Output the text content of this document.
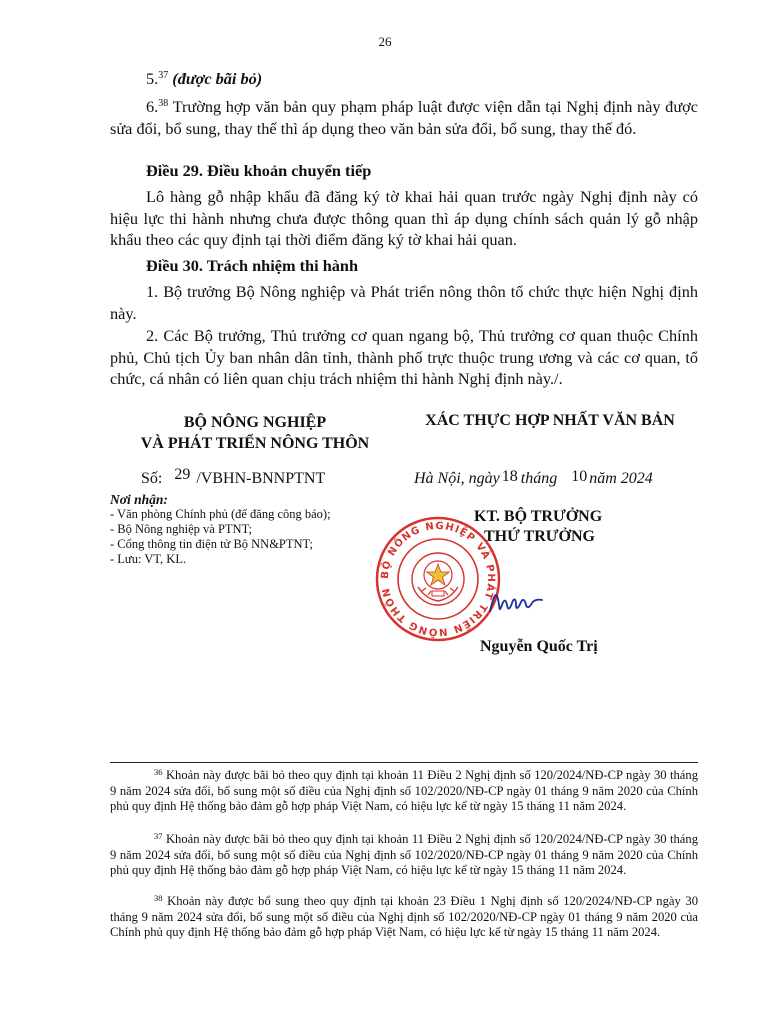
26
5.37 (được bãi bỏ)
6.38 Trường hợp văn bản quy phạm pháp luật được viện dẫn tại Nghị định này được sửa đổi, bổ sung, thay thế thì áp dụng theo văn bản sửa đổi, bổ sung, thay thế đó.
Điều 29. Điều khoản chuyển tiếp
Lô hàng gỗ nhập khẩu đã đăng ký tờ khai hải quan trước ngày Nghị định này có hiệu lực thi hành nhưng chưa được thông quan thì áp dụng chính sách quản lý gỗ nhập khẩu theo các quy định tại thời điểm đăng ký tờ khai hải quan.
Điều 30. Trách nhiệm thi hành
1. Bộ trưởng Bộ Nông nghiệp và Phát triển nông thôn tổ chức thực hiện Nghị định này.
2. Các Bộ trưởng, Thủ trưởng cơ quan ngang bộ, Thủ trưởng cơ quan thuộc Chính phủ, Chủ tịch Ủy ban nhân dân tỉnh, thành phố trực thuộc trung ương và các cơ quan, tổ chức, cá nhân có liên quan chịu trách nhiệm thi hành Nghị định này./.
BỘ NÔNG NGHIỆP
VÀ PHÁT TRIỂN NÔNG THÔN
XÁC THỰC HỢP NHẤT VĂN BẢN
Số: 29 /VBHN-BNNPTNT	Hà Nội, ngày 18 tháng 10 năm 2024
Nơi nhận:
- Văn phòng Chính phủ (để đăng công báo);
- Bộ Nông nghiệp và PTNT;
- Cổng thông tin điện tử Bộ NN&PTNT;
- Lưu: VT, KL.
BỘ NÔNG NGHIỆP VÀ PHÁT TRIỂN NÔNG THÔN
KT. BỘ TRƯỞNG
THỨ TRƯỞNG
Nguyễn Quốc Trị
$^{36}$ Khoản này được bãi bỏ theo quy định tại khoản 11 Điều 2 Nghị định số 120/2024/NĐ-CP ngày 30 tháng 9 năm 2024 sửa đổi, bổ sung một số điều của Nghị định số 102/2020/NĐ-CP ngày 01 tháng 9 năm 2020 của Chính phủ quy định Hệ thống bảo đảm gỗ hợp pháp Việt Nam, có hiệu lực kể từ ngày 15 tháng 11 năm 2024.
$^{37}$ Khoản này được bãi bỏ theo quy định tại khoản 11 Điều 2 Nghị định số 120/2024/NĐ-CP ngày 30 tháng 9 năm 2024 sửa đổi, bổ sung một số điều của Nghị định số 102/2020/NĐ-CP ngày 01 tháng 9 năm 2020 của Chính phủ quy định Hệ thống bảo đảm gỗ hợp pháp Việt Nam, có hiệu lực kể từ ngày 15 tháng 11 năm 2024.
$^{38}$ Khoản này được bổ sung theo quy định tại khoản 23 Điều 1 Nghị định số 120/2024/NĐ-CP ngày 30 tháng 9 năm 2024 sửa đổi, bổ sung một số điều của Nghị định số 102/2020/NĐ-CP ngày 01 tháng 9 năm 2020 của Chính phủ quy định Hệ thống bảo đảm gỗ hợp pháp Việt Nam, có hiệu lực kể từ ngày 15 tháng 11 năm 2024.
